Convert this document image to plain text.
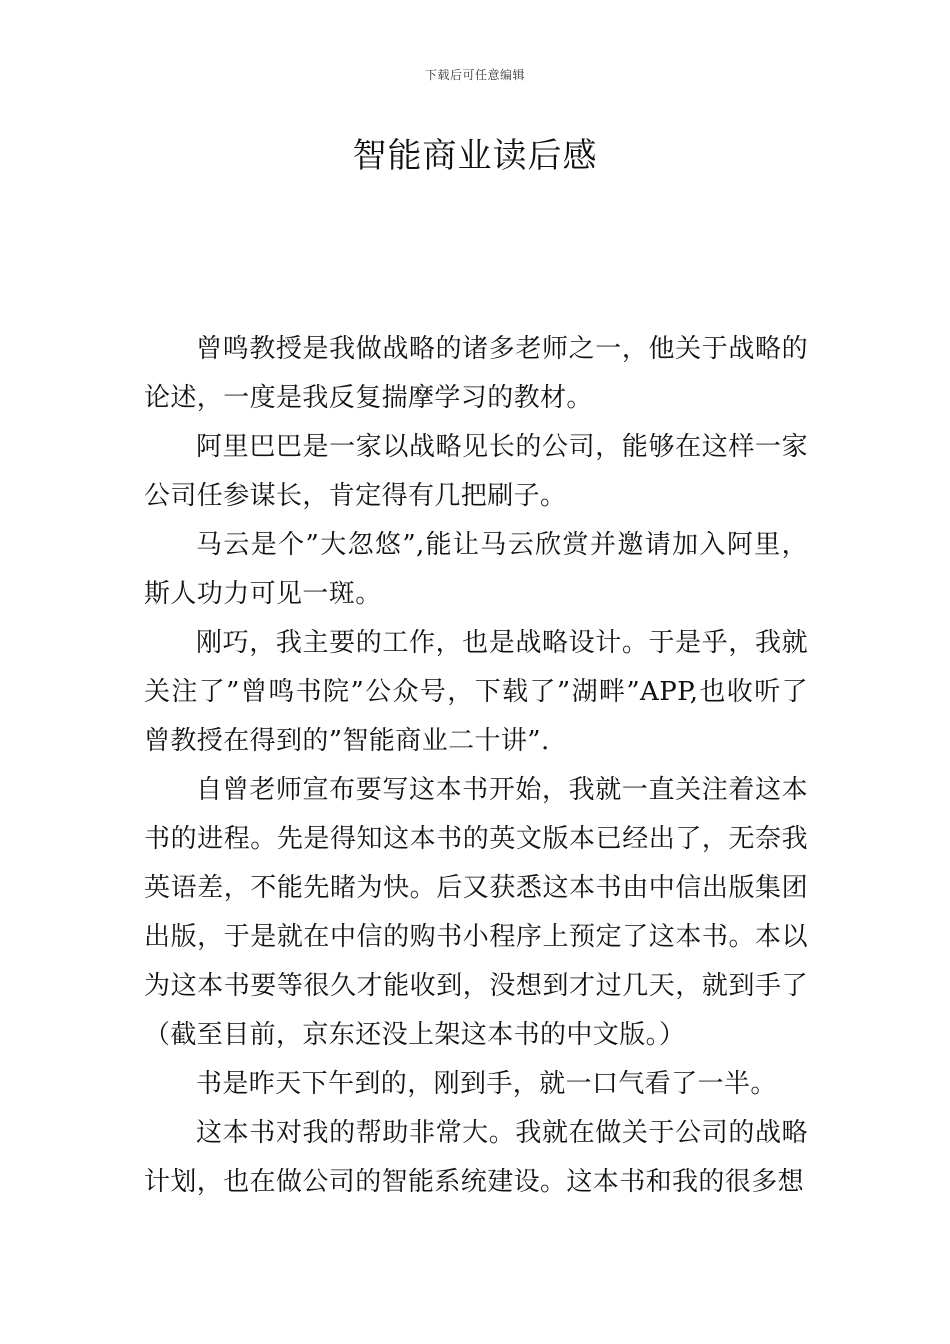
下载后可任意编辑
智能商业读后感

曾鸣教授是我做战略的诸多老师之一，他关于战略的论述，一度是我反复揣摩学习的教材。

阿里巴巴是一家以战略见长的公司，能够在这样一家公司任参谋长，肯定得有几把刷子。

马云是个”大忽悠”,能让马云欣赏并邀请加入阿里，斯人功力可见一斑。

刚巧，我主要的工作，也是战略设计。于是乎，我就关注了”曾鸣书院”公众号，下载了”湖畔”APP,也收听了曾教授在得到的”智能商业二十讲”.

自曾老师宣布要写这本书开始，我就一直关注着这本书的进程。先是得知这本书的英文版本已经出了，无奈我英语差，不能先睹为快。后又获悉这本书由中信出版集团出版，于是就在中信的购书小程序上预定了这本书。本以为这本书要等很久才能收到，没想到才过几天，就到手了（截至目前，京东还没上架这本书的中文版。）

书是昨天下午到的，刚到手，就一口气看了一半。

这本书对我的帮助非常大。我就在做关于公司的战略计划，也在做公司的智能系统建设。这本书和我的很多想
